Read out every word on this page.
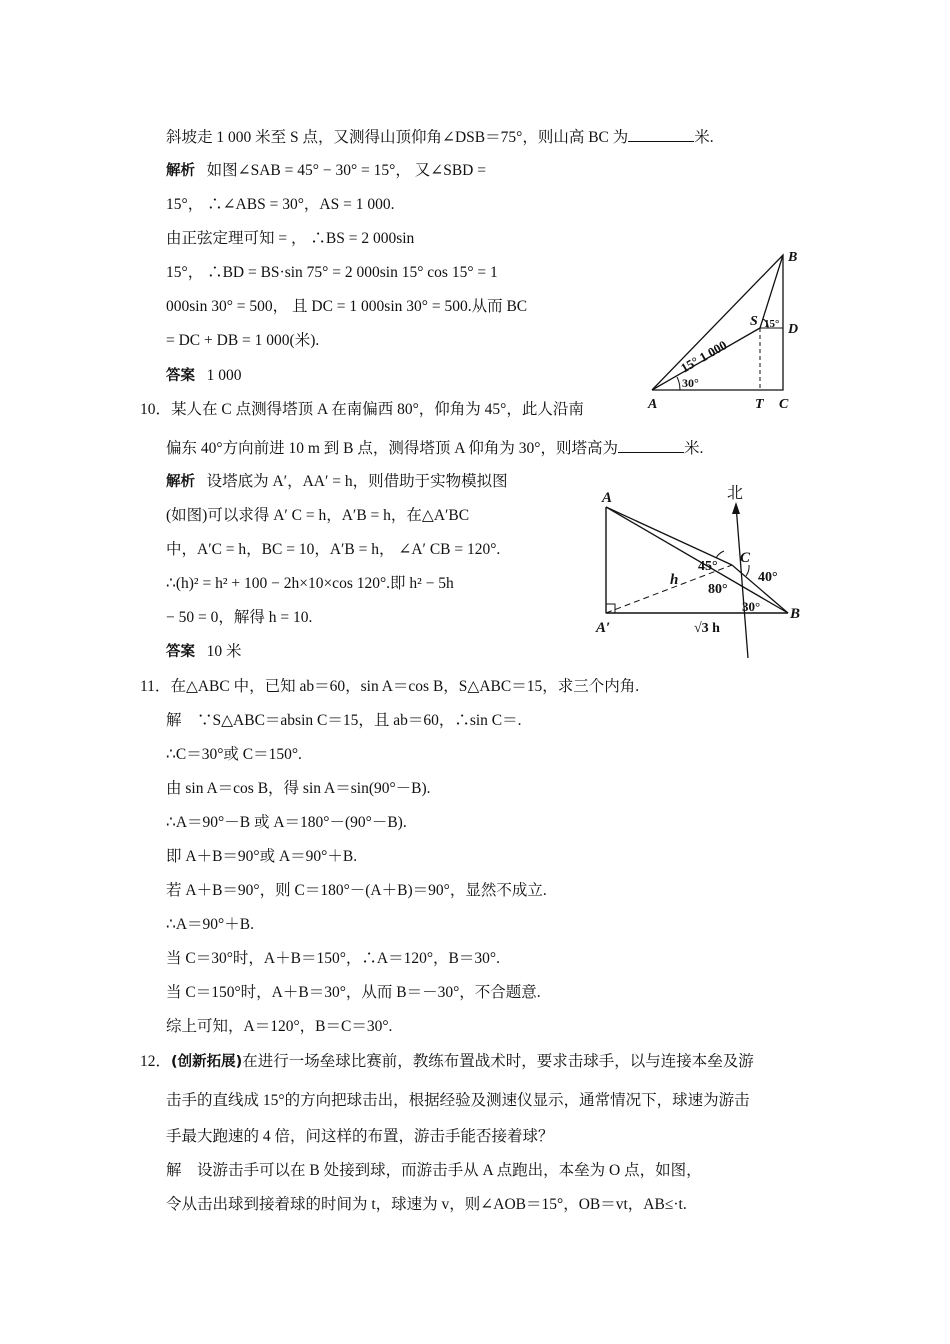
斜坡走 1 000 米至 S 点，又测得山顶仰角∠DSB＝75°，则山高 BC 为	米.
解析 如图∠SAB = 45° − 30° = 15°， 又∠SBD =
15°， ∴∠ABS = 30°，AS = 1 000.
由正弦定理可知 = ， ∴BS = 2 000sin
15°， ∴BD = BS·sin 75° = 2 000sin 15° cos 15° = 1
000sin 30° = 500， 且 DC = 1 000sin 30° = 500.从而 BC
= DC + DB = 1 000(米).
答案 1 000
B
S 15° D
15° 1 000
30°
A	T C
10．某人在 C 点测得塔顶 A 在南偏西 80°，仰角为 45°，此人沿南
偏东 40°方向前进 10 m 到 B 点，测得塔顶 A 仰角为 30°，则塔高为	米.
解析 设塔底为 A′，AA′ = h，则借助于实物模拟图
(如图)可以求得 A′ C = h，A′B = h，在△A′BC
中，A′C = h，BC = 10，A′B = h， ∠A′ CB = 120°.
∴(h)² = h² + 100 − 2h×10×cos 120°.即 h² − 5h
− 50 = 0，解得 h = 10.
答案 10 米
A	北
C
45°
40°
h
80°
30° B
A′	√3 h
11．在△ABC 中，已知 ab＝60，sin A＝cos B，S△ABC＝15，求三个内角.
解　∵S△ABC＝absin C＝15，且 ab＝60，∴sin C＝.
∴C＝30°或 C＝150°.
由 sin A＝cos B，得 sin A＝sin(90°－B).
∴A＝90°－B 或 A＝180°－(90°－B).
即 A＋B＝90°或 A＝90°＋B.
若 A＋B＝90°，则 C＝180°－(A＋B)＝90°，显然不成立.
∴A＝90°＋B.
当 C＝30°时，A＋B＝150°，∴A＝120°，B＝30°.
当 C＝150°时，A＋B＝30°，从而 B＝－30°，不合题意.
综上可知，A＝120°，B＝C＝30°.
12．(创新拓展)在进行一场垒球比赛前，教练布置战术时，要求击球手，以与连接本垒及游
击手的直线成 15°的方向把球击出，根据经验及测速仪显示，通常情况下，球速为游击
手最大跑速的 4 倍，问这样的布置，游击手能否接着球？
解　设游击手可以在 B 处接到球，而游击手从 A 点跑出，本垒为 O 点，如图，
令从击出球到接着球的时间为 t，球速为 v，则∠AOB＝15°，OB＝vt，AB≤·t.
